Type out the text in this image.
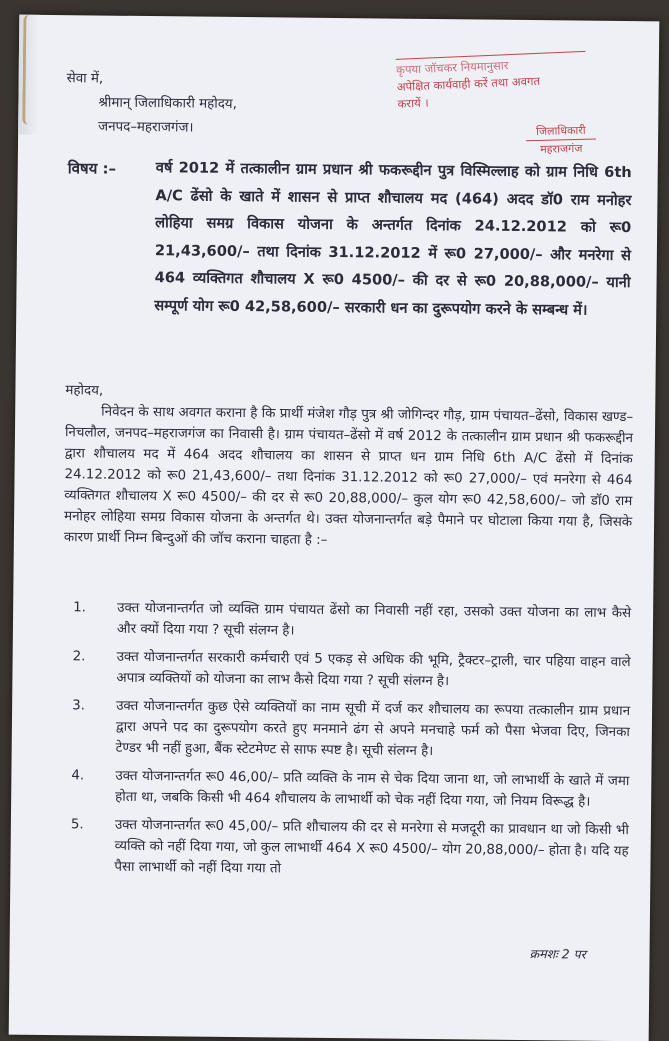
सेवा में,
श्रीमान् जिलाधिकारी महोदय,
जनपद–महराजगंज।
कृपया जॉचकर नियमानुसार
अपेक्षित कार्यवाही करें तथा अवगत
करायें ।
जिलाधिकारी
महराजगंज
विषय :–	वर्ष 2012 में तत्कालीन ग्राम प्रधान श्री फकरूद्दीन पुत्र विस्मिल्लाह को ग्राम निधि 6th A/C ढेंसो के खाते में शासन से प्राप्त शौचालय मद (464) अदद डॉ0 राम मनोहर लोहिया समग्र विकास योजना के अन्तर्गत दिनांक 24.12.2012 को रू0 21,43,600/– तथा दिनांक 31.12.2012 में रू0 27,000/– और मनरेगा से 464 व्यक्तिगत शौचालय X रू0 4500/– की दर से रू0 20,88,000/– यानी सम्पूर्ण योग रू0 42,58,600/– सरकारी धन का दुरूपयोग करने के सम्बन्ध में।
महोदय,
निवेदन के साथ अवगत कराना है कि प्रार्थी मंजेश गौड़ पुत्र श्री जोगिन्दर गौड़, ग्राम पंचायत–ढेंसो, विकास खण्ड–निचलौल, जनपद–महराजगंज का निवासी है। ग्राम पंचायत–ढेंसो में वर्ष 2012 के तत्कालीन ग्राम प्रधान श्री फकरूद्दीन द्वारा शौचालय मद में 464 अदद शौचालय का शासन से प्राप्त धन ग्राम निधि 6th A/C ढेंसो में दिनांक 24.12.2012 को रू0 21,43,600/– तथा दिनांक 31.12.2012 को रू0 27,000/– एवं मनरेगा से 464 व्यक्तिगत शौचालय X रू0 4500/– की दर से रू0 20,88,000/– कुल योग रू0 42,58,600/– जो डॉ0 राम मनोहर लोहिया समग्र विकास योजना के अन्तर्गत थे। उक्त योजनान्तर्गत बड़े पैमाने पर घोटाला किया गया है, जिसके कारण प्रार्थी निम्न बिन्दुओं की जॉच कराना चाहता है :–
1.	उक्त योजनान्तर्गत जो व्यक्ति ग्राम पंचायत ढेंसो का निवासी नहीं रहा, उसको उक्त योजना का लाभ कैसे और क्यों दिया गया ? सूची संलग्न है।
2.	उक्त योजनान्तर्गत सरकारी कर्मचारी एवं 5 एकड़ से अधिक की भूमि, ट्रैक्टर–ट्राली, चार पहिया वाहन वाले अपात्र व्यक्तियों को योजना का लाभ कैसे दिया गया ? सूची संलग्न है।
3.	उक्त योजनान्तर्गत कुछ ऐसे व्यक्तियों का नाम सूची में दर्ज कर शौचालय का रूपया तत्कालीन ग्राम प्रधान द्वारा अपने पद का दुरूपयोग करते हुए मनमाने ढंग से अपने मनचाहे फर्म को पैसा भेजवा दिए, जिनका टेण्डर भी नहीं हुआ, बैंक स्टेटमेण्ट से साफ स्पष्ट है। सूची संलग्न है।
4.	उक्त योजनान्तर्गत रू0 46,00/– प्रति व्यक्ति के नाम से चेक दिया जाना था, जो लाभार्थी के खाते में जमा होता था, जबकि किसी भी 464 शौचालय के लाभार्थी को चेक नहीं दिया गया, जो नियम विरूद्ध है।
5.	उक्त योजनान्तर्गत रू0 45,00/– प्रति शौचालय की दर से मनरेगा से मजदूरी का प्रावधान था जो किसी भी व्यक्ति को नहीं दिया गया, जो कुल लाभार्थी 464 X रू0 4500/– योग 20,88,000/– होता है। यदि यह पैसा लाभार्थी को नहीं दिया गया तो
क्रमशः 2 पर
